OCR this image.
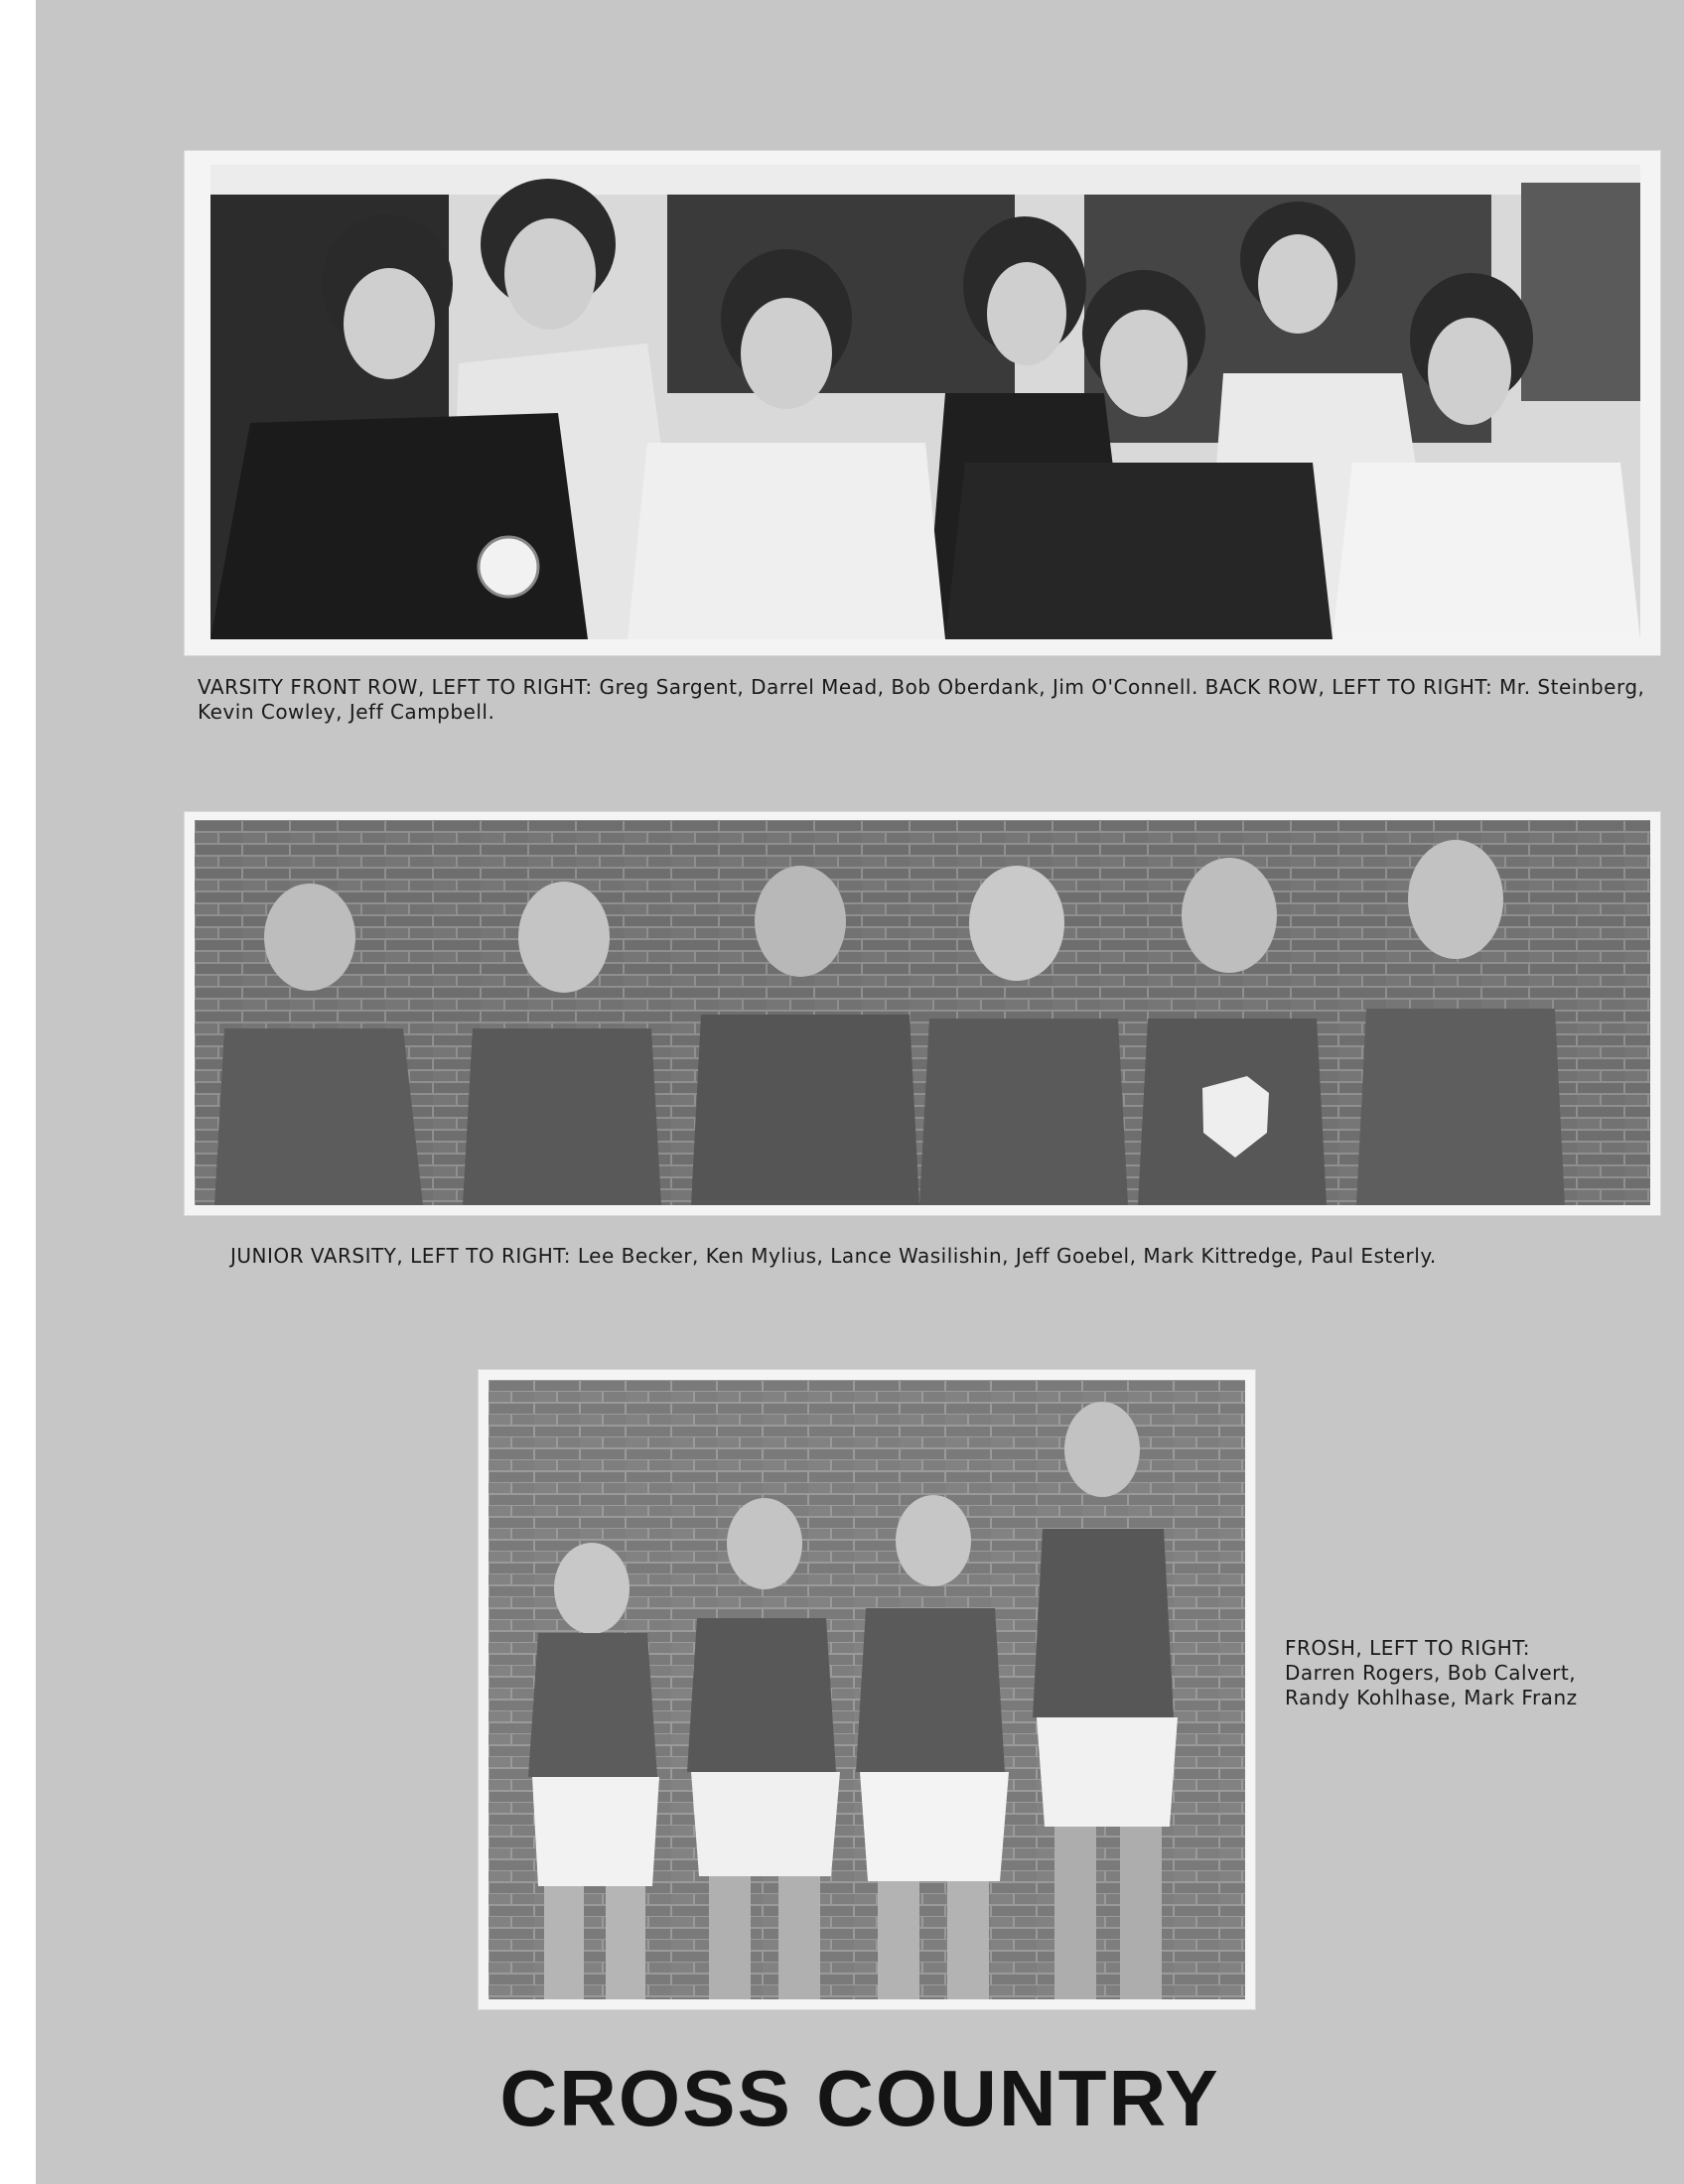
VARSITY FRONT ROW, LEFT TO RIGHT: Greg Sargent, Darrel Mead, Bob Oberdank, Jim O'Connell. BACK ROW, LEFT TO RIGHT: Mr. Steinberg, Kevin Cowley, Jeff Campbell.
JUNIOR VARSITY, LEFT TO RIGHT: Lee Becker, Ken Mylius, Lance Wasilishin, Jeff Goebel, Mark Kittredge, Paul Esterly.
FROSH, LEFT TO RIGHT:
Darren Rogers, Bob Calvert,
Randy Kohlhase, Mark Franz
CROSS COUNTRY
